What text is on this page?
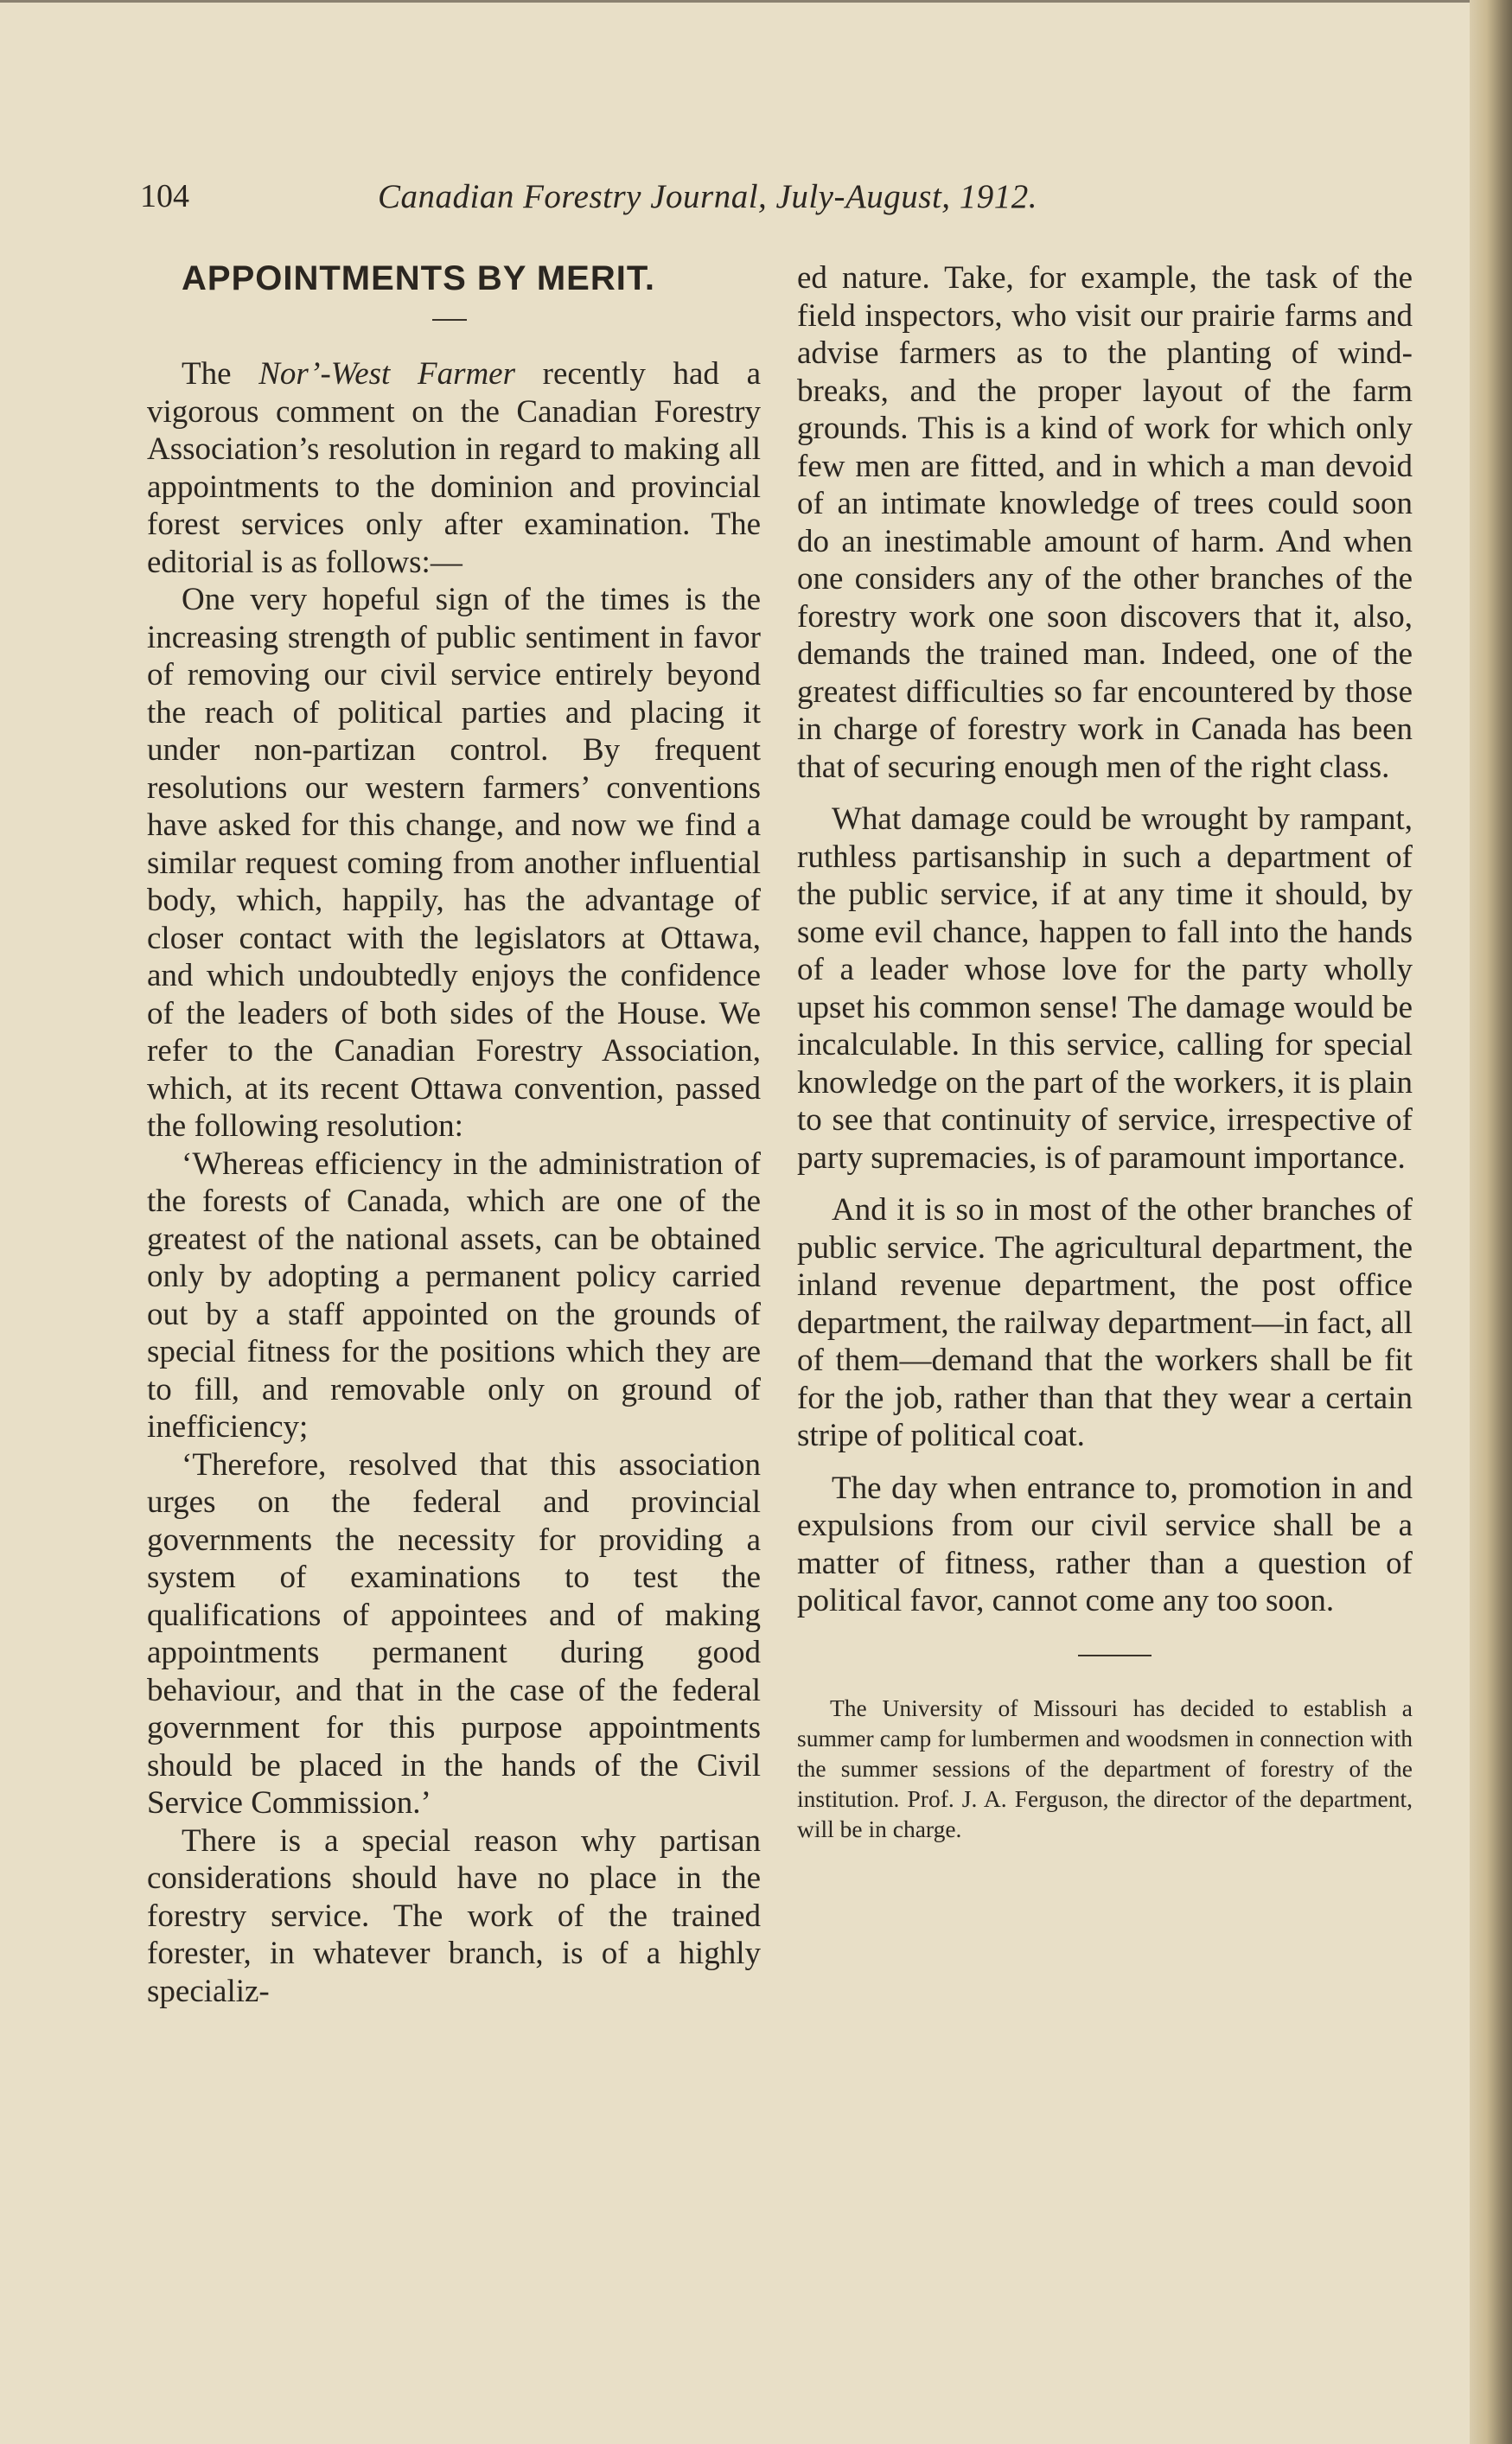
104	Canadian Forestry Journal, July-August, 1912.
APPOINTMENTS BY MERIT.

The Nor’-West Farmer recently had a vigorous comment on the Canadian Forestry Association’s resolution in regard to making all appointments to the dominion and provincial forest services only after examination. The editorial is as follows:—

One very hopeful sign of the times is the increasing strength of public sentiment in favor of removing our civil service entirely beyond the reach of political parties and placing it under non-partizan control. By frequent resolutions our western farmers’ conventions have asked for this change, and now we find a similar request coming from another influential body, which, happily, has the advantage of closer contact with the legislators at Ottawa, and which undoubtedly enjoys the confidence of the leaders of both sides of the House. We refer to the Canadian Forestry Association, which, at its recent Ottawa convention, passed the following resolution:

‘Whereas efficiency in the administration of the forests of Canada, which are one of the greatest of the national assets, can be obtained only by adopting a permanent policy carried out by a staff appointed on the grounds of special fitness for the positions which they are to fill, and removable only on ground of inefficiency;

‘Therefore, resolved that this association urges on the federal and provincial governments the necessity for providing a system of examinations to test the qualifications of appointees and of making appointments permanent during good behaviour, and that in the case of the federal government for this purpose appointments should be placed in the hands of the Civil Service Commission.’

There is a special reason why partisan considerations should have no place in the forestry service. The work of the trained forester, in whatever branch, is of a highly specializ-

ed nature. Take, for example, the task of the field inspectors, who visit our prairie farms and advise farmers as to the planting of wind-breaks, and the proper layout of the farm grounds. This is a kind of work for which only few men are fitted, and in which a man devoid of an intimate knowledge of trees could soon do an inestimable amount of harm. And when one considers any of the other branches of the forestry work one soon discovers that it, also, demands the trained man. Indeed, one of the greatest difficulties so far encountered by those in charge of forestry work in Canada has been that of securing enough men of the right class.

What damage could be wrought by rampant, ruthless partisanship in such a department of the public service, if at any time it should, by some evil chance, happen to fall into the hands of a leader whose love for the party wholly upset his common sense! The damage would be incalculable. In this service, calling for special knowledge on the part of the workers, it is plain to see that continuity of service, irrespective of party supremacies, is of paramount importance.

And it is so in most of the other branches of public service. The agricultural department, the inland revenue department, the post office department, the railway department—in fact, all of them—demand that the workers shall be fit for the job, rather than that they wear a certain stripe of political coat.

The day when entrance to, promotion in and expulsions from our civil service shall be a matter of fitness, rather than a question of political favor, cannot come any too soon.

The University of Missouri has decided to establish a summer camp for lumbermen and woodsmen in connection with the summer sessions of the department of forestry of the institution. Prof. J. A. Ferguson, the director of the department, will be in charge.
